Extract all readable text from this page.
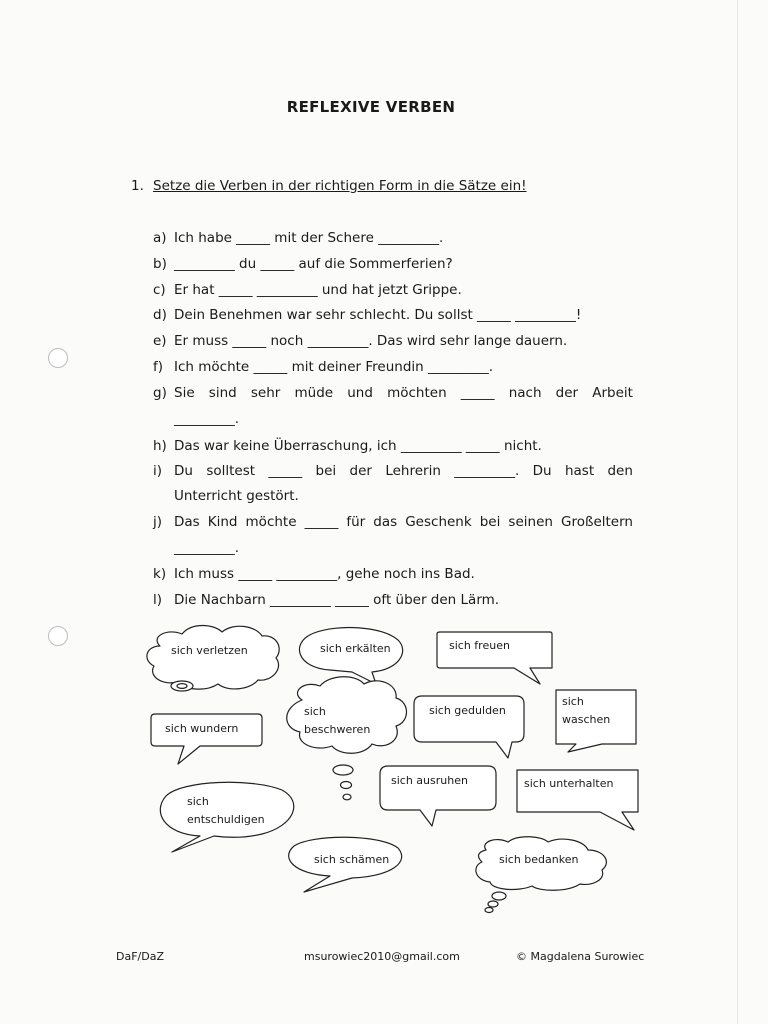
REFLEXIVE VERBEN
1. Setze die Verben in der richtigen Form in die Sätze ein!
a) Ich habe _____ mit der Schere _________.
b) _________ du _____ auf die Sommerferien?
c) Er hat _____ _________ und hat jetzt Grippe.
d) Dein Benehmen war sehr schlecht. Du sollst _____ _________!
e) Er muss _____ noch _________. Das wird sehr lange dauern.
f) Ich möchte _____ mit deiner Freundin _________.
g) Sie sind sehr müde und möchten _____ nach der Arbeit
_________.
h) Das war keine Überraschung, ich _________ _____ nicht.
i) Du solltest _____ bei der Lehrerin _________. Du hast den
Unterricht gestört.
j) Das Kind möchte _____ für das Geschenk bei seinen Großeltern
_________.
k) Ich muss _____ _________, gehe noch ins Bad.
l) Die Nachbarn _________ _____ oft über den Lärm.
sich verletzen	sich erkälten	sich freuen
sich wundern
sich
beschweren
sich gedulden
sich
waschen
sich
entschuldigen
sich ausruhen	sich unterhalten
sich schämen	sich bedanken
DaF/DaZ	msurowiec2010@gmail.com	© Magdalena Surowiec
